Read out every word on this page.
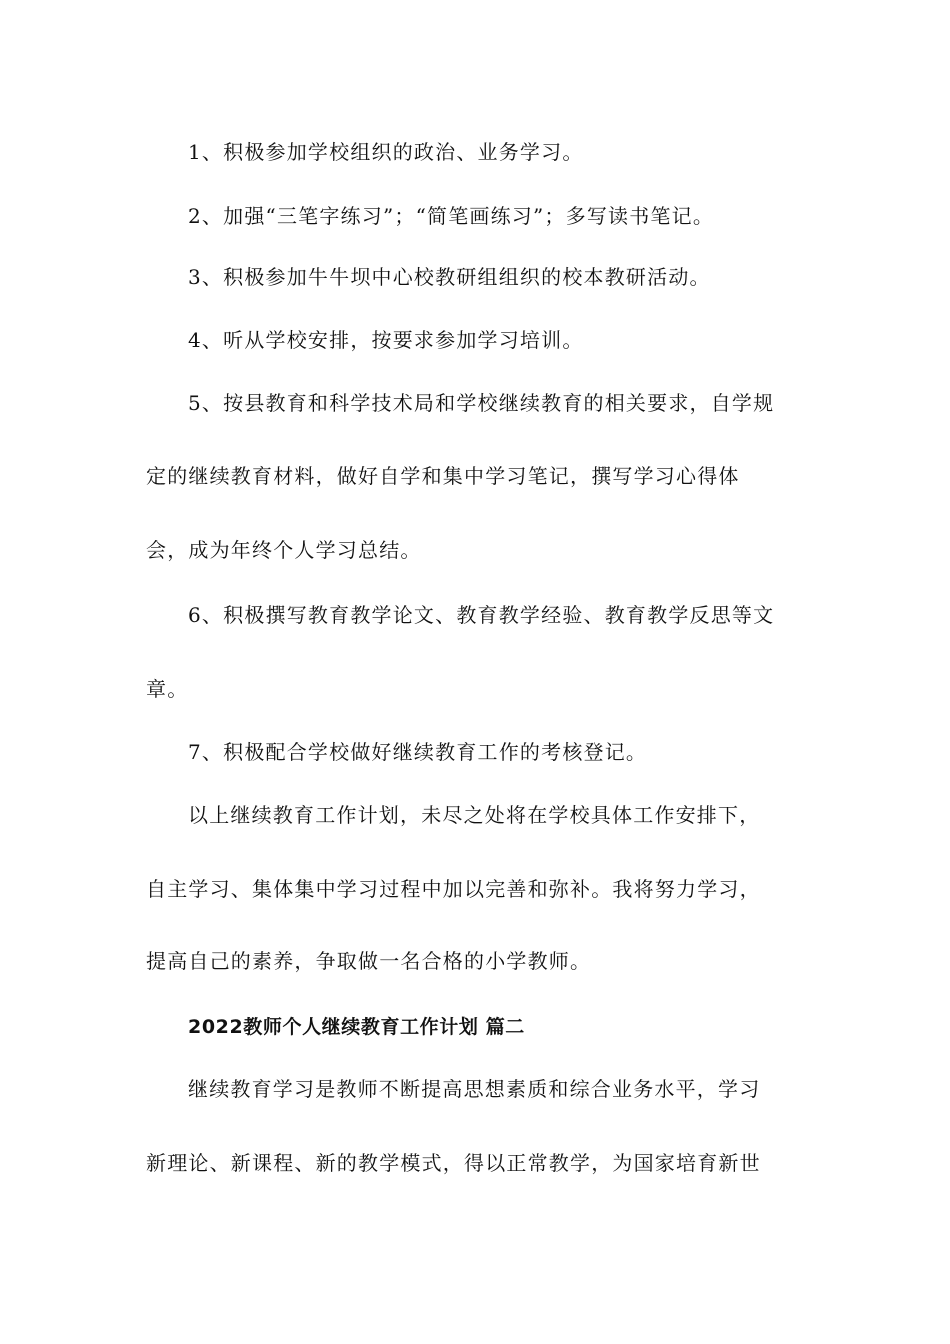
1、积极参加学校组织的政治、业务学习。
2、加强“三笔字练习”；“简笔画练习”；多写读书笔记。
3、积极参加牛牛坝中心校教研组组织的校本教研活动。
4、听从学校安排，按要求参加学习培训。
5、按县教育和科学技术局和学校继续教育的相关要求，自学规
定的继续教育材料，做好自学和集中学习笔记，撰写学习心得体
会，成为年终个人学习总结。
6、积极撰写教育教学论文、教育教学经验、教育教学反思等文
章。
7、积极配合学校做好继续教育工作的考核登记。
以上继续教育工作计划，未尽之处将在学校具体工作安排下，
自主学习、集体集中学习过程中加以完善和弥补。我将努力学习，
提高自己的素养，争取做一名合格的小学教师。
2022教师个人继续教育工作计划 篇二
继续教育学习是教师不断提高思想素质和综合业务水平，学习
新理论、新课程、新的教学模式，得以正常教学，为国家培育新世
